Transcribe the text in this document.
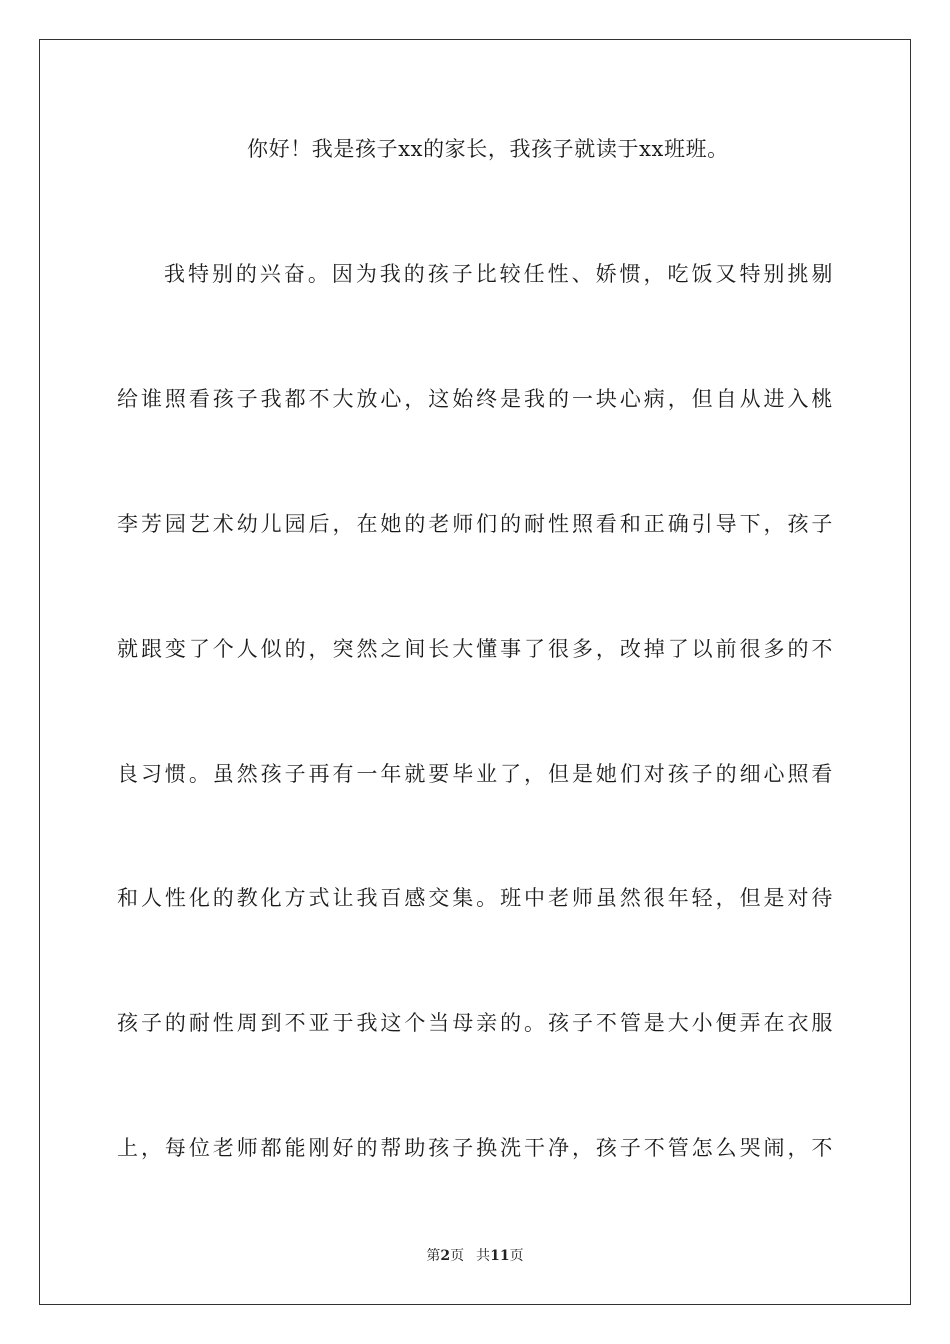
你好！我是孩子xx的家长，我孩子就读于xx班班。
我特别的兴奋。因为我的孩子比较任性、娇惯，吃饭又特别挑剔
给谁照看孩子我都不大放心，这始终是我的一块心病，但自从进入桃
李芳园艺术幼儿园后，在她的老师们的耐性照看和正确引导下，孩子
就跟变了个人似的，突然之间长大懂事了很多，改掉了以前很多的不
良习惯。虽然孩子再有一年就要毕业了，但是她们对孩子的细心照看
和人性化的教化方式让我百感交集。班中老师虽然很年轻，但是对待
孩子的耐性周到不亚于我这个当母亲的。孩子不管是大小便弄在衣服
上，每位老师都能刚好的帮助孩子换洗干净，孩子不管怎么哭闹，不
第2页 共11页
